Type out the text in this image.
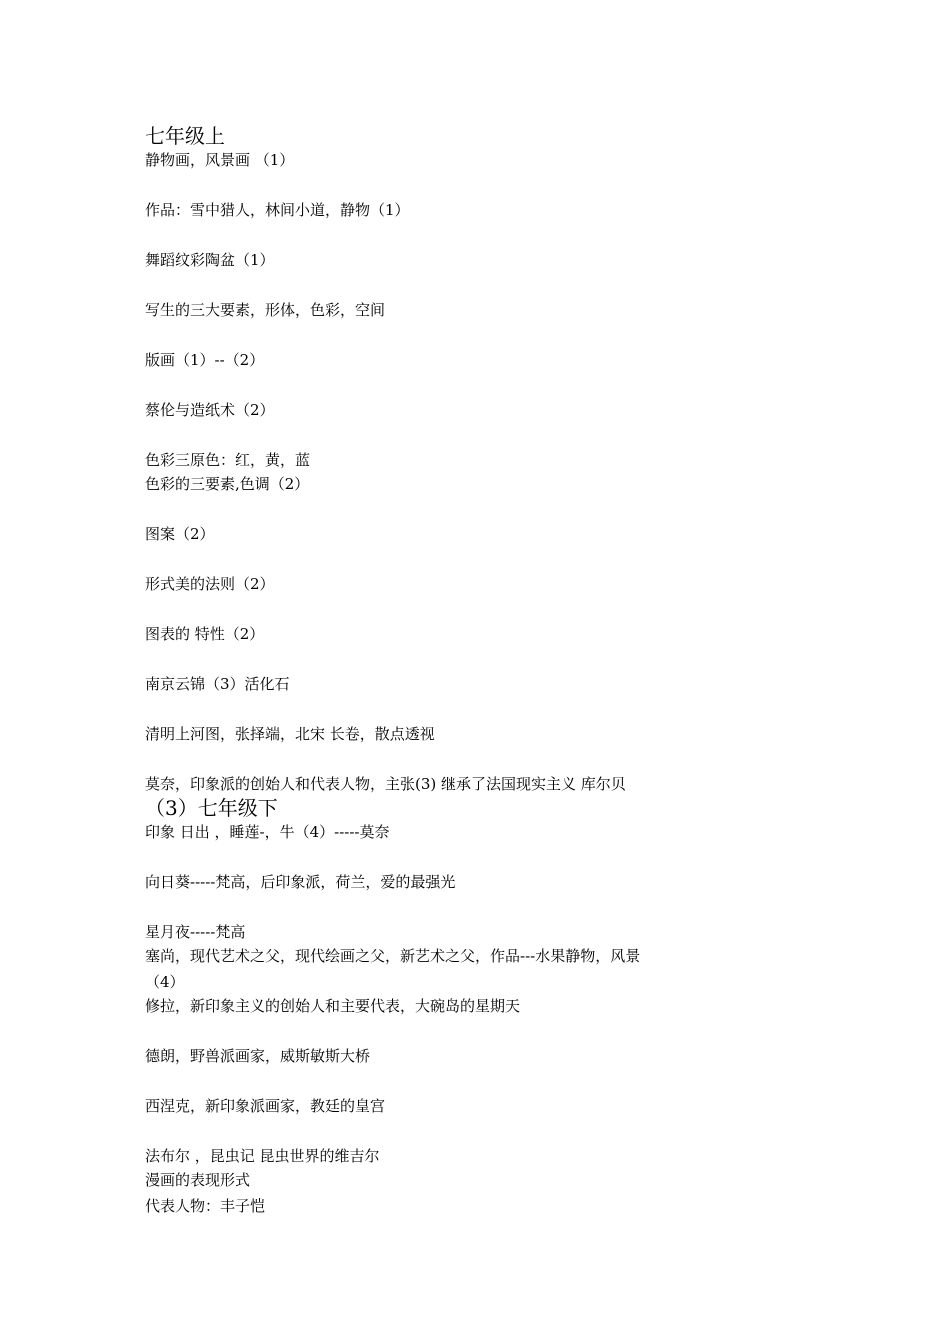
七年级上
静物画，风景画 （1）
作品：雪中猎人，林间小道，静物（1）
舞蹈纹彩陶盆（1）
写生的三大要素，形体，色彩，空间
版画（1）--（2）
蔡伦与造纸术（2）
色彩三原色：红，黄，蓝
色彩的三要素,色调（2）
图案（2）
形式美的法则（2）
图表的 特性（2）
南京云锦（3）活化石
清明上河图，张择端，北宋 长卷，散点透视
莫奈，印象派的创始人和代表人物，主张(3) 继承了法国现实主义 库尔贝
（3）七年级下
印象 日出 ，睡莲-，牛（4）-----莫奈
向日葵-----梵高，后印象派，荷兰，爱的最强光
星月夜-----梵高
塞尚，现代艺术之父，现代绘画之父，新艺术之父，作品---水果静物，风景
（4）
修拉，新印象主义的创始人和主要代表，大碗岛的星期天
德朗，野兽派画家，威斯敏斯大桥
西涅克，新印象派画家，教廷的皇宫
法布尔 ，昆虫记 昆虫世界的维吉尔
漫画的表现形式
代表人物：丰子恺
